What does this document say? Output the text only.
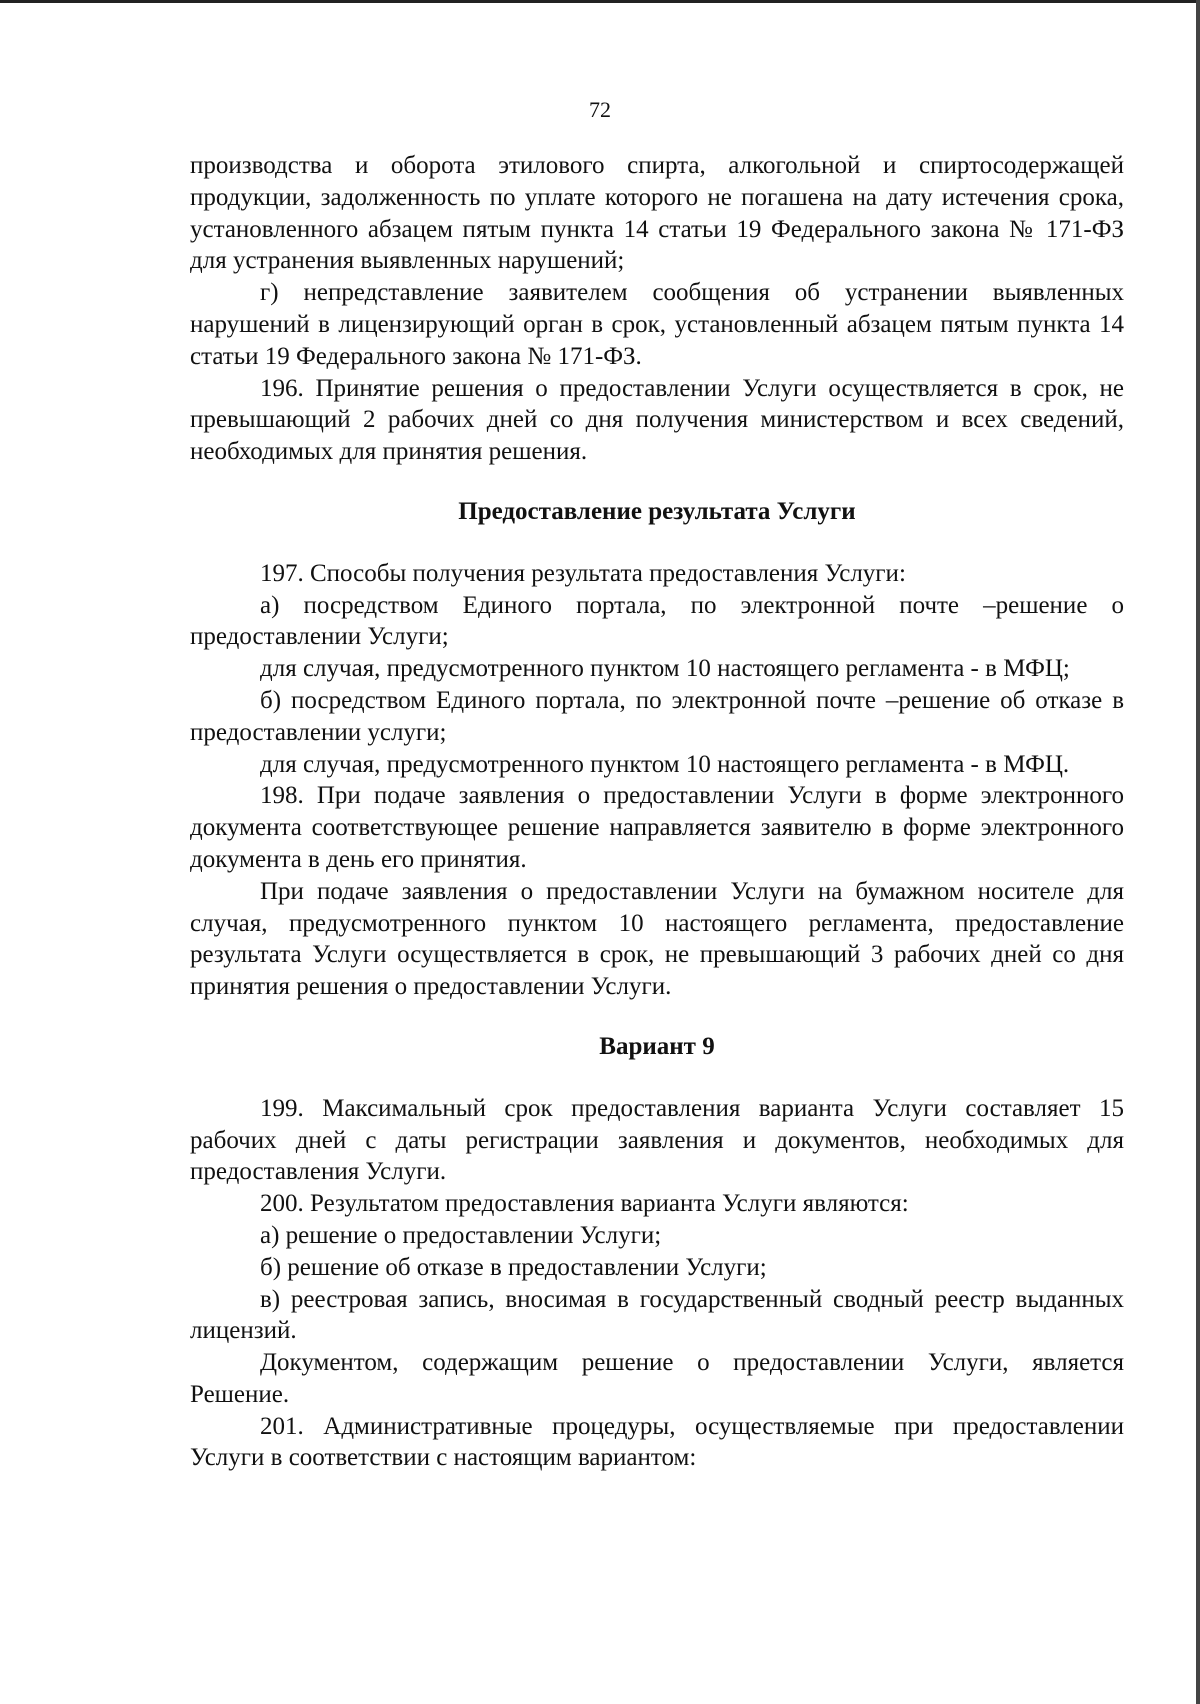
72

производства и оборота этилового спирта, алкогольной и спиртосодержащей продукции, задолженность по уплате которого не погашена на дату истечения срока, установленного абзацем пятым пункта 14 статьи 19 Федерального закона № 171-ФЗ для устранения выявленных нарушений;

г) непредставление заявителем сообщения об устранении выявленных нарушений в лицензирующий орган в срок, установленный абзацем пятым пункта 14 статьи 19 Федерального закона № 171-ФЗ.

196. Принятие решения о предоставлении Услуги осуществляется в срок, не превышающий 2 рабочих дней со дня получения министерством и всех сведений, необходимых для принятия решения.

Предоставление результата Услуги

197. Способы получения результата предоставления Услуги:

а) посредством Единого портала, по электронной почте –решение о предоставлении Услуги;

для случая, предусмотренного пунктом 10 настоящего регламента - в МФЦ;

б) посредством Единого портала, по электронной почте –решение об отказе в предоставлении услуги;

для случая, предусмотренного пунктом 10 настоящего регламента - в МФЦ.

198. При подаче заявления о предоставлении Услуги в форме электронного документа соответствующее решение направляется заявителю в форме электронного документа в день его принятия.

При подаче заявления о предоставлении Услуги на бумажном носителе для случая, предусмотренного пунктом 10 настоящего регламента, предоставление результата Услуги осуществляется в срок, не превышающий 3 рабочих дней со дня принятия решения о предоставлении Услуги.

Вариант 9

199. Максимальный срок предоставления варианта Услуги составляет 15 рабочих дней с даты регистрации заявления и документов, необходимых для предоставления Услуги.

200. Результатом предоставления варианта Услуги являются:

а) решение о предоставлении Услуги;

б) решение об отказе в предоставлении Услуги;

в) реестровая запись, вносимая в государственный сводный реестр выданных лицензий.

Документом, содержащим решение о предоставлении Услуги, является Решение.

201. Административные процедуры, осуществляемые при предоставлении Услуги в соответствии с настоящим вариантом:
